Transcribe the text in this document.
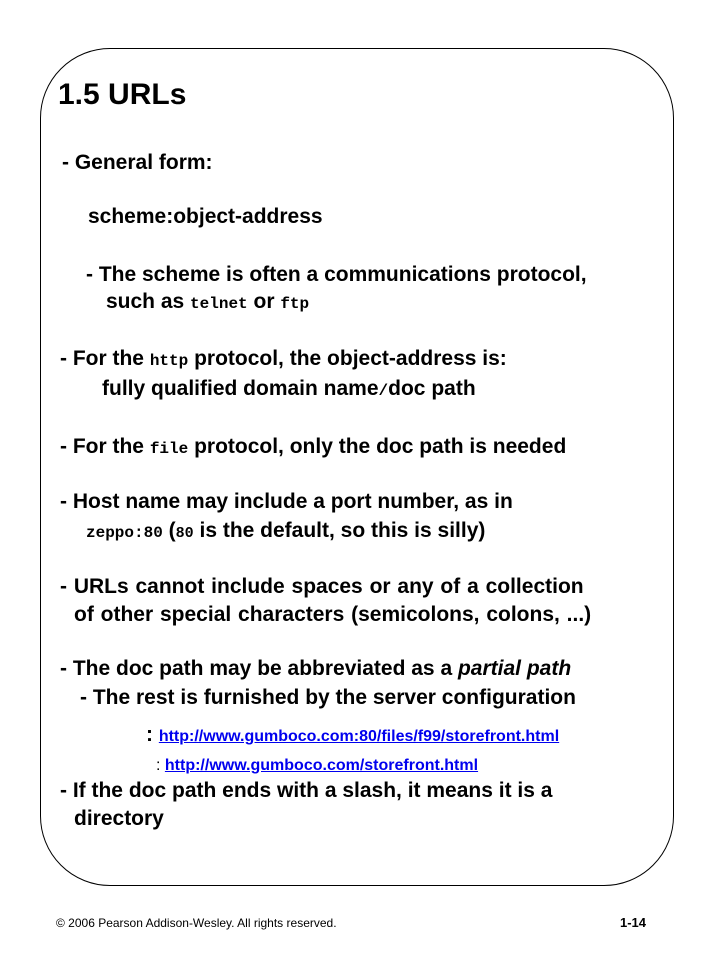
1.5 URLs
- General form:
scheme:object-address
- The scheme is often a communications protocol,
such as telnet or ftp
- For the http protocol, the object-address is:
fully qualified domain name/doc path
- For the file protocol, only the doc path is needed
- Host name may include a port number, as in
zeppo:80 (80 is the default, so this is silly)
- URLs cannot include spaces or any of a collection
of other special characters (semicolons, colons, ...)
- The doc path may be abbreviated as a partial path
- The rest is furnished by the server configuration
: http://www.gumboco.com:80/files/f99/storefront.html
: http://www.gumboco.com/storefront.html
- If the doc path ends with a slash, it means it is a
directory
© 2006 Pearson Addison-Wesley. All rights reserved.	1-14
